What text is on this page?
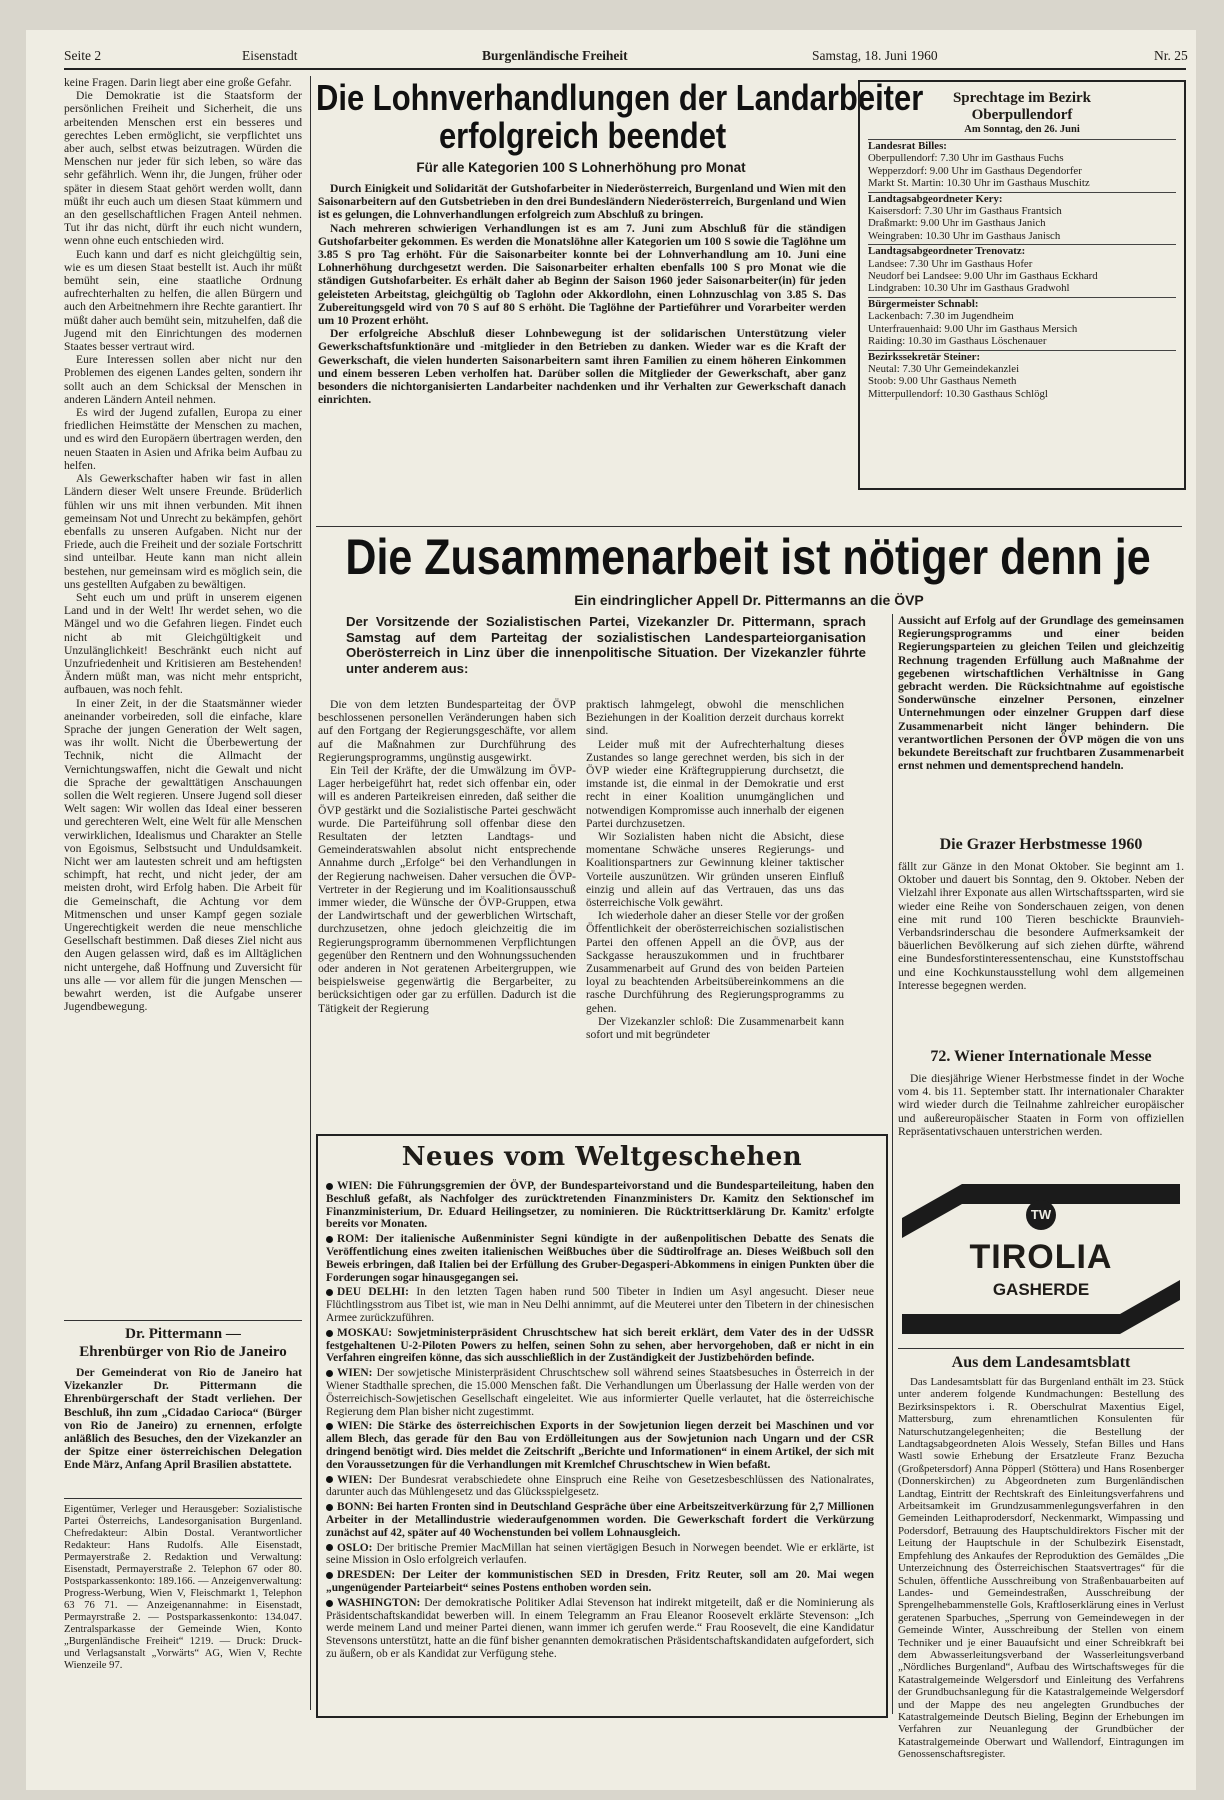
Seite 2	Eisenstadt	Burgenländische Freiheit	Samstag, 18. Juni 1960	Nr. 25

keine Fragen. Darin liegt aber eine große Gefahr.

Die Demokratie ist die Staatsform der persönlichen Freiheit und Sicherheit, die uns arbeitenden Menschen erst ein besseres und gerechtes Leben ermöglicht, sie verpflichtet uns aber auch, selbst etwas beizutragen. Würden die Menschen nur jeder für sich leben, so wäre das sehr gefährlich. Wenn ihr, die Jungen, früher oder später in diesem Staat gehört werden wollt, dann müßt ihr euch auch um diesen Staat kümmern und an den gesellschaftlichen Fragen Anteil nehmen. Tut ihr das nicht, dürft ihr euch nicht wundern, wenn ohne euch entschieden wird.

Euch kann und darf es nicht gleichgültig sein, wie es um diesen Staat bestellt ist. Auch ihr müßt bemüht sein, eine staatliche Ordnung aufrechterhalten zu helfen, die allen Bürgern und auch den Arbeitnehmern ihre Rechte garantiert. Ihr müßt daher auch bemüht sein, mitzuhelfen, daß die Jugend mit den Einrichtungen des modernen Staates besser vertraut wird.

Eure Interessen sollen aber nicht nur den Problemen des eigenen Landes gelten, sondern ihr sollt auch an dem Schicksal der Menschen in anderen Ländern Anteil nehmen.

Es wird der Jugend zufallen, Europa zu einer friedlichen Heimstätte der Menschen zu machen, und es wird den Europäern übertragen werden, den neuen Staaten in Asien und Afrika beim Aufbau zu helfen.

Als Gewerkschafter haben wir fast in allen Ländern dieser Welt unsere Freunde. Brüderlich fühlen wir uns mit ihnen verbunden. Mit ihnen gemeinsam Not und Unrecht zu bekämpfen, gehört ebenfalls zu unseren Aufgaben. Nicht nur der Friede, auch die Freiheit und der soziale Fortschritt sind unteilbar. Heute kann man nicht allein bestehen, nur gemeinsam wird es möglich sein, die uns gestellten Aufgaben zu bewältigen.

Seht euch um und prüft in unserem eigenen Land und in der Welt! Ihr werdet sehen, wo die Mängel und wo die Gefahren liegen. Findet euch nicht ab mit Gleichgültigkeit und Unzulänglichkeit! Beschränkt euch nicht auf Unzufriedenheit und Kritisieren am Bestehenden! Ändern müßt man, was nicht mehr entspricht, aufbauen, was noch fehlt.

In einer Zeit, in der die Staatsmänner wieder aneinander vorbeireden, soll die einfache, klare Sprache der jungen Generation der Welt sagen, was ihr wollt. Nicht die Überbewertung der Technik, nicht die Allmacht der Vernichtungswaffen, nicht die Gewalt und nicht die Sprache der gewalttätigen Anschauungen sollen die Welt regieren. Unsere Jugend soll dieser Welt sagen: Wir wollen das Ideal einer besseren und gerechteren Welt, eine Welt für alle Menschen verwirklichen, Idealismus und Charakter an Stelle von Egoismus, Selbstsucht und Unduldsamkeit. Nicht wer am lautesten schreit und am heftigsten schimpft, hat recht, und nicht jeder, der am meisten droht, wird Erfolg haben. Die Arbeit für die Gemeinschaft, die Achtung vor dem Mitmenschen und unser Kampf gegen soziale Ungerechtigkeit werden die neue menschliche Gesellschaft bestimmen. Daß dieses Ziel nicht aus den Augen gelassen wird, daß es im Alltäglichen nicht untergehe, daß Hoffnung und Zuversicht für uns alle — vor allem für die jungen Menschen — bewahrt werden, ist die Aufgabe unserer Jugendbewegung.

Dr. Pittermann —
Ehrenbürger von Rio de Janeiro

Der Gemeinderat von Rio de Janeiro hat Vizekanzler Dr. Pittermann die Ehrenbürgerschaft der Stadt verliehen. Der Beschluß, ihn zum „Cidadao Carioca“ (Bürger von Rio de Janeiro) zu ernennen, erfolgte anläßlich des Besuches, den der Vizekanzler an der Spitze einer österreichischen Delegation Ende März, Anfang April Brasilien abstattete.

Eigentümer, Verleger und Herausgeber: Sozialistische Partei Österreichs, Landesorganisation Burgenland. Chefredakteur: Albin Dostal. Verantwortlicher Redakteur: Hans Rudolfs. Alle Eisenstadt, Permayerstraße 2. Redaktion und Verwaltung: Eisenstadt, Permayerstraße 2. Telephon 67 oder 80. Postsparkassenkonto: 189.166. — Anzeigenverwaltung: Progress-Werbung, Wien V, Fleischmarkt 1, Telephon 63 76 71. — Anzeigenannahme: in Eisenstadt, Permayrstraße 2. — Postsparkassenkonto: 134.047. Zentralsparkasse der Gemeinde Wien, Konto „Burgenländische Freiheit“ 1219. — Druck: Druck- und Verlagsanstalt „Vorwärts“ AG, Wien V, Rechte Wienzeile 97.

Die Lohnverhandlungen der Landarbeiter
erfolgreich beendet
Für alle Kategorien 100 S Lohnerhöhung pro Monat

Durch Einigkeit und Solidarität der Gutshofarbeiter in Niederösterreich, Burgenland und Wien mit den Saisonarbeitern auf den Gutsbetrieben in den drei Bundesländern Niederösterreich, Burgenland und Wien ist es gelungen, die Lohnverhandlungen erfolgreich zum Abschluß zu bringen.

Nach mehreren schwierigen Verhandlungen ist es am 7. Juni zum Abschluß für die ständigen Gutshofarbeiter gekommen. Es werden die Monatslöhne aller Kategorien um 100 S sowie die Taglöhne um 3.85 S pro Tag erhöht. Für die Saisonarbeiter konnte bei der Lohnverhandlung am 10. Juni eine Lohnerhöhung durchgesetzt werden. Die Saisonarbeiter erhalten ebenfalls 100 S pro Monat wie die ständigen Gutshofarbeiter. Es erhält daher ab Beginn der Saison 1960 jeder Saisonarbeiter(in) für jeden geleisteten Arbeitstag, gleichgültig ob Taglohn oder Akkordlohn, einen Lohnzuschlag von 3.85 S. Das Zubereitungsgeld wird von 70 S auf 80 S erhöht. Die Taglöhne der Partieführer und Vorarbeiter werden um 10 Prozent erhöht.

Der erfolgreiche Abschluß dieser Lohnbewegung ist der solidarischen Unterstützung vieler Gewerkschaftsfunktionäre und -mitglieder in den Betrieben zu danken. Wieder war es die Kraft der Gewerkschaft, die vielen hunderten Saisonarbeitern samt ihren Familien zu einem höheren Einkommen und einem besseren Leben verholfen hat. Darüber sollen die Mitglieder der Gewerkschaft, aber ganz besonders die nichtorganisierten Landarbeiter nachdenken und ihr Verhalten zur Gewerkschaft danach einrichten.

Sprechtage im Bezirk
Oberpullendorf
Am Sonntag, den 26. Juni
Landesrat Billes:
Oberpullendorf: 7.30 Uhr im Gasthaus Fuchs
Wepperzdorf: 9.00 Uhr im Gasthaus Degendorfer
Markt St. Martin: 10.30 Uhr im Gasthaus Muschitz
Landtagsabgeordneter Kery:
Kaisersdorf: 7.30 Uhr im Gasthaus Frantsich
Draßmarkt: 9.00 Uhr im Gasthaus Janich
Weingraben: 10.30 Uhr im Gasthaus Janisch
Landtagsabgeordneter Trenovatz:
Landsee: 7.30 Uhr im Gasthaus Hofer
Neudorf bei Landsee: 9.00 Uhr im Gasthaus Eckhard
Lindgraben: 10.30 Uhr im Gasthaus Gradwohl
Bürgermeister Schnabl:
Lackenbach: 7.30 im Jugendheim
Unterfrauenhaid: 9.00 Uhr im Gasthaus Mersich
Raiding: 10.30 im Gasthaus Löschenauer
Bezirkssekretär Steiner:
Neutal: 7.30 Uhr Gemeindekanzlei
Stoob: 9.00 Uhr Gasthaus Nemeth
Mitterpullendorf: 10.30 Gasthaus Schlögl
Die Zusammenarbeit ist nötiger denn je
Ein eindringlicher Appell Dr. Pittermanns an die ÖVP
Der Vorsitzende der Sozialistischen Partei, Vizekanzler Dr. Pittermann, sprach Samstag auf dem Parteitag der sozialistischen Landesparteiorganisation Oberösterreich in Linz über die innenpolitische Situation. Der Vizekanzler führte unter anderem aus:

Die von dem letzten Bundesparteitag der ÖVP beschlossenen personellen Veränderungen haben sich auf den Fortgang der Regierungsgeschäfte, vor allem auf die Maßnahmen zur Durchführung des Regierungsprogramms, ungünstig ausgewirkt.

Ein Teil der Kräfte, der die Umwälzung im ÖVP-Lager herbeigeführt hat, redet sich offenbar ein, oder will es anderen Parteikreisen einreden, daß seither die ÖVP gestärkt und die Sozialistische Partei geschwächt wurde. Die Parteiführung soll offenbar diese den Resultaten der letzten Landtags- und Gemeinderatswahlen absolut nicht entsprechende Annahme durch „Erfolge“ bei den Verhandlungen in der Regierung nachweisen. Daher versuchen die ÖVP-Vertreter in der Regierung und im Koalitionsausschuß immer wieder, die Wünsche der ÖVP-Gruppen, etwa der Landwirtschaft und der gewerblichen Wirtschaft, durchzusetzen, ohne jedoch gleichzeitig die im Regierungsprogramm übernommenen Verpflichtungen gegenüber den Rentnern und den Wohnungssuchenden oder anderen in Not geratenen Arbeitergruppen, wie beispielsweise gegenwärtig die Bergarbeiter, zu berücksichtigen oder gar zu erfüllen. Dadurch ist die Tätigkeit der Regierung

praktisch lahmgelegt, obwohl die menschlichen Beziehungen in der Koalition derzeit durchaus korrekt sind.

Leider muß mit der Aufrechterhaltung dieses Zustandes so lange gerechnet werden, bis sich in der ÖVP wieder eine Kräftegruppierung durchsetzt, die imstande ist, die einmal in der Demokratie und erst recht in einer Koalition unumgänglichen und notwendigen Kompromisse auch innerhalb der eigenen Partei durchzusetzen.

Wir Sozialisten haben nicht die Absicht, diese momentane Schwäche unseres Regierungs- und Koalitionspartners zur Gewinnung kleiner taktischer Vorteile auszunützen. Wir gründen unseren Einfluß einzig und allein auf das Vertrauen, das uns das österreichische Volk gewährt.

Ich wiederhole daher an dieser Stelle vor der großen Öffentlichkeit der oberösterreichischen sozialistischen Partei den offenen Appell an die ÖVP, aus der Sackgasse herauszukommen und in fruchtbarer Zusammenarbeit auf Grund des von beiden Parteien loyal zu beachtenden Arbeitsübereinkommens an die rasche Durchführung des Regierungsprogramms zu gehen.

Der Vizekanzler schloß: Die Zusammenarbeit kann sofort und mit begründeter

Aussicht auf Erfolg auf der Grundlage des gemeinsamen Regierungsprogramms und einer beiden Regierungsparteien zu gleichen Teilen und gleichzeitig Rechnung tragenden Erfüllung auch Maßnahme der gegebenen wirtschaftlichen Verhältnisse in Gang gebracht werden. Die Rücksichtnahme auf egoistische Sonderwünsche einzelner Personen, einzelner Unternehmungen oder einzelner Gruppen darf diese Zusammenarbeit nicht länger behindern. Die verantwortlichen Personen der ÖVP mögen die von uns bekundete Bereitschaft zur fruchtbaren Zusammenarbeit ernst nehmen und dementsprechend handeln.

Die Grazer Herbstmesse 1960

fällt zur Gänze in den Monat Oktober. Sie beginnt am 1. Oktober und dauert bis Sonntag, den 9. Oktober. Neben der Vielzahl ihrer Exponate aus allen Wirtschaftssparten, wird sie wieder eine Reihe von Sonderschauen zeigen, von denen eine mit rund 100 Tieren beschickte Braunvieh-Verbandsrinderschau die besondere Aufmerksamkeit der bäuerlichen Bevölkerung auf sich ziehen dürfte, während eine Bundesforstinteressentenschau, eine Kunststoffschau und eine Kochkunstausstellung wohl dem allgemeinen Interesse begegnen werden.

72. Wiener Internationale Messe

Die diesjährige Wiener Herbstmesse findet in der Woche vom 4. bis 11. September statt. Ihr internationaler Charakter wird wieder durch die Teilnahme zahlreicher europäischer und außereuropäischer Staaten in Form von offiziellen Repräsentativschauen unterstrichen werden.

TW
TIROLIA
GASHERDE
Neues vom Weltgeschehen

WIEN: Die Führungsgremien der ÖVP, der Bundesparteivorstand und die Bundesparteileitung, haben den Beschluß gefaßt, als Nachfolger des zurücktretenden Finanzministers Dr. Kamitz den Sektionschef im Finanzministerium, Dr. Eduard Heilingsetzer, zu nominieren. Die Rücktrittserklärung Dr. Kamitz' erfolgte bereits vor Monaten.

ROM: Der italienische Außenminister Segni kündigte in der außenpolitischen Debatte des Senats die Veröffentlichung eines zweiten italienischen Weißbuches über die Südtirolfrage an. Dieses Weißbuch soll den Beweis erbringen, daß Italien bei der Erfüllung des Gruber-Degasperi-Abkommens in einigen Punkten über die Forderungen sogar hinausgegangen sei.

DEU DELHI: In den letzten Tagen haben rund 500 Tibeter in Indien um Asyl angesucht. Dieser neue Flüchtlingsstrom aus Tibet ist, wie man in Neu Delhi annimmt, auf die Meuterei unter den Tibetern in der chinesischen Armee zurückzuführen.

MOSKAU: Sowjetministerpräsident Chruschtschew hat sich bereit erklärt, dem Vater des in der UdSSR festgehaltenen U-2-Piloten Powers zu helfen, seinen Sohn zu sehen, aber hervorgehoben, daß er nicht in ein Verfahren eingreifen könne, das sich ausschließlich in der Zuständigkeit der Justizbehörden befinde.

WIEN: Der sowjetische Ministerpräsident Chruschtschew soll während seines Staatsbesuches in Österreich in der Wiener Stadthalle sprechen, die 15.000 Menschen faßt. Die Verhandlungen um Überlassung der Halle werden von der Österreichisch-Sowjetischen Gesellschaft eingeleitet. Wie aus informierter Quelle verlautet, hat die österreichische Regierung dem Plan bisher nicht zugestimmt.

WIEN: Die Stärke des österreichischen Exports in der Sowjetunion liegen derzeit bei Maschinen und vor allem Blech, das gerade für den Bau von Erdölleitungen aus der Sowjetunion nach Ungarn und der CSR dringend benötigt wird. Dies meldet die Zeitschrift „Berichte und Informationen“ in einem Artikel, der sich mit den Voraussetzungen für die Verhandlungen mit Kremlchef Chruschtschew in Wien befaßt.

WIEN: Der Bundesrat verabschiedete ohne Einspruch eine Reihe von Gesetzesbeschlüssen des Nationalrates, darunter auch das Mühlengesetz und das Glücksspielgesetz.

BONN: Bei harten Fronten sind in Deutschland Gespräche über eine Arbeitszeitverkürzung für 2,7 Millionen Arbeiter in der Metallindustrie wiederaufgenommen worden. Die Gewerkschaft fordert die Verkürzung zunächst auf 42, später auf 40 Wochenstunden bei vollem Lohnausgleich.

OSLO: Der britische Premier MacMillan hat seinen viertägigen Besuch in Norwegen beendet. Wie er erklärte, ist seine Mission in Oslo erfolgreich verlaufen.

DRESDEN: Der Leiter der kommunistischen SED in Dresden, Fritz Reuter, soll am 20. Mai wegen „ungenügender Parteiarbeit“ seines Postens enthoben worden sein.

WASHINGTON: Der demokratische Politiker Adlai Stevenson hat indirekt mitgeteilt, daß er die Nominierung als Präsidentschaftskandidat bewerben will. In einem Telegramm an Frau Eleanor Roosevelt erklärte Stevenson: „Ich werde meinem Land und meiner Partei dienen, wann immer ich gerufen werde.“ Frau Roosevelt, die eine Kandidatur Stevensons unterstützt, hatte an die fünf bisher genannten demokratischen Präsidentschaftskandidaten aufgefordert, sich zu äußern, ob er als Kandidat zur Verfügung stehe.

Aus dem Landesamtsblatt

Das Landesamtsblatt für das Burgenland enthält im 23. Stück unter anderem folgende Kundmachungen: Bestellung des Bezirksinspektors i. R. Oberschulrat Maxentius Eigel, Mattersburg, zum ehrenamtlichen Konsulenten für Naturschutzangelegenheiten; die Bestellung der Landtagsabgeordneten Alois Wessely, Stefan Billes und Hans Wastl sowie Erhebung der Ersatzleute Franz Bezucha (Großpetersdorf) Anna Pöpperl (Stöttera) und Hans Rosenberger (Donnerskirchen) zu Abgeordneten zum Burgenländischen Landtag, Eintritt der Rechtskraft des Einleitungsverfahrens und Arbeitsamkeit im Grundzusammenlegungsverfahren in den Gemeinden Leithaprodersdorf, Neckenmarkt, Wimpassing und Podersdorf, Betrauung des Hauptschuldirektors Fischer mit der Leitung der Hauptschule in der Schulbezirk Eisenstadt, Empfehlung des Ankaufes der Reproduktion des Gemäldes „Die Unterzeichnung des Österreichischen Staatsvertrages“ für die Schulen, öffentliche Ausschreibung von Straßenbauarbeiten auf Landes- und Gemeindestraßen, Ausschreibung der Sprengelhebammenstelle Gols, Kraftloserklärung eines in Verlust geratenen Sparbuches, „Sperrung von Gemeindewegen in der Gemeinde Winter, Ausschreibung der Stellen von einem Techniker und je einer Bauaufsicht und einer Schreibkraft bei dem Abwasserleitungsverband der Wasserleitungsverband „Nördliches Burgenland“, Aufbau des Wirtschaftsweges für die Katastralgemeinde Welgersdorf und Einleitung des Verfahrens der Grundbuchsanlegung für die Katastralgemeinde Welgersdorf und der Mappe des neu angelegten Grundbuches der Katastralgemeinde Deutsch Bieling, Beginn der Erhebungen im Verfahren zur Neuanlegung der Grundbücher der Katastralgemeinde Oberwart und Wallendorf, Eintragungen im Genossenschaftsregister.
